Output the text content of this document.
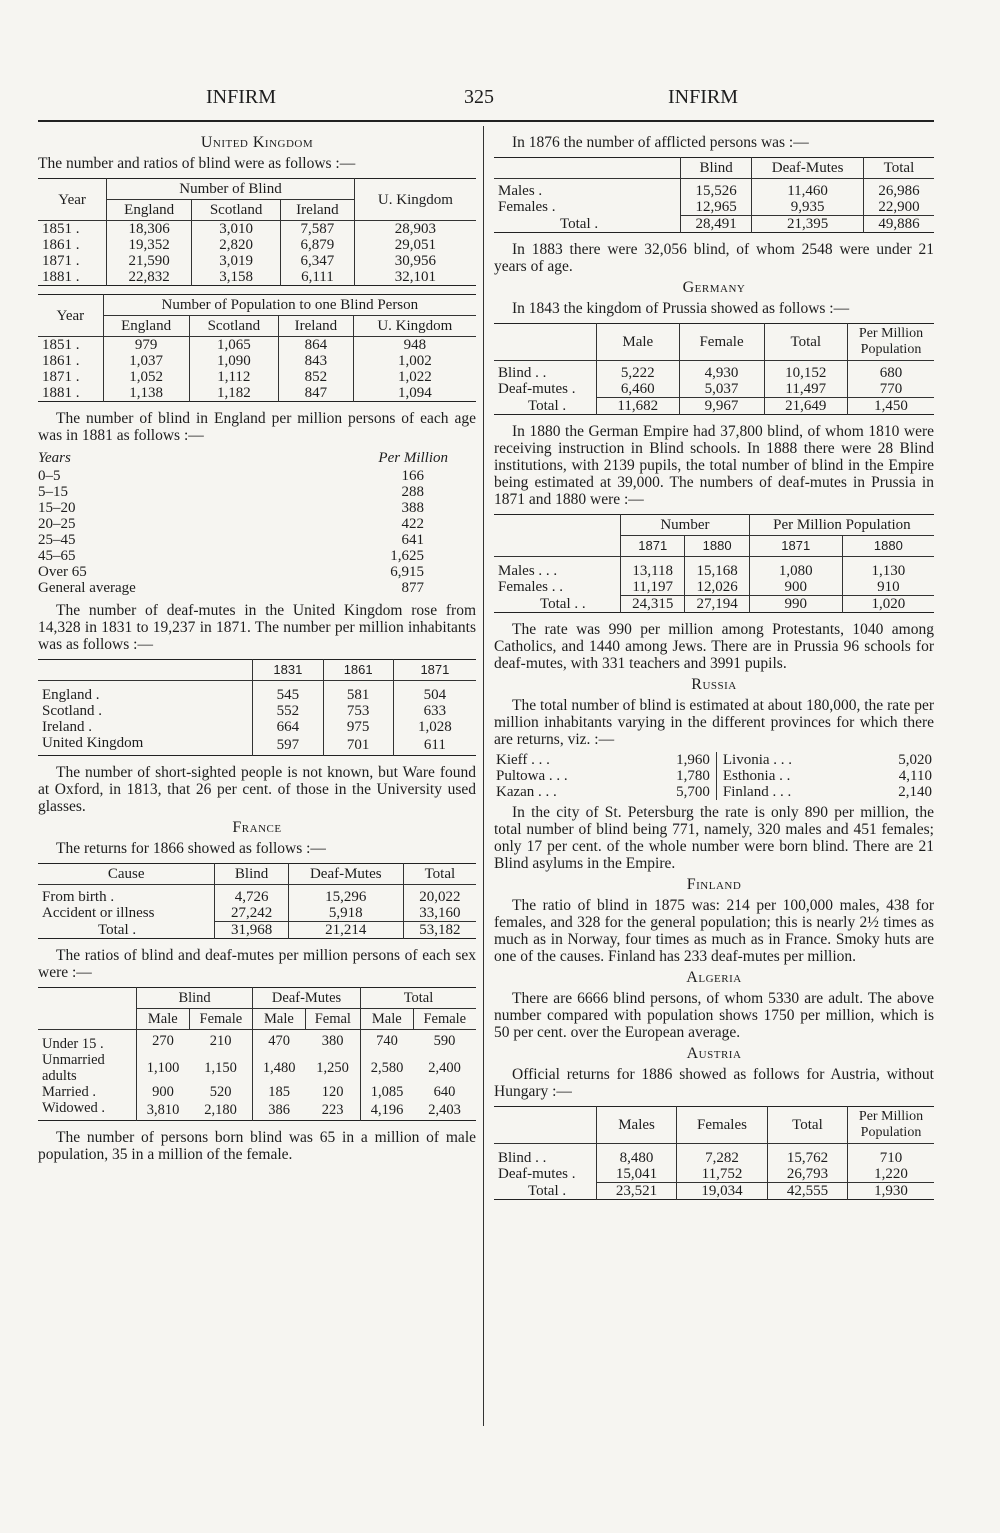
INFIRM	325	INFIRM
United Kingdom

The number and ratios of blind were as follows :—

Year	Number of Blind			U. Kingdom
	England	Scotland	Ireland	
1851 .	18,306	3,010	7,587	28,903
1861 .	19,352	2,820	6,879	29,051
1871 .	21,590	3,019	6,347	30,956
1881 .	22,832	3,158	6,111	32,101
Year	Number of Population to one Blind Person			
	England	Scotland	Ireland	U. Kingdom
1851 .	979	1,065	864	948
1861 .	1,037	1,090	843	1,002
1871 .	1,052	1,112	852	1,022
1881 .	1,138	1,182	847	1,094

The number of blind in England per million persons of each age was in 1881 as follows :—

Years	Per Million
0–5	166
5–15	288
15–20	388
20–25	422
25–45	641
45–65	1,625
Over 65	6,915
General average	877

The number of deaf-mutes in the United Kingdom rose from 14,328 in 1831 to 19,237 in 1871. The number per million inhabitants was as follows :—

	1831	1861	1871
England .	545	581	504
Scotland .	552	753	633
Ireland .	664	975	1,028
United Kingdom	597	701	611

The number of short-sighted people is not known, but Ware found at Oxford, in 1813, that 26 per cent. of those in the University used glasses.

France

The returns for 1866 showed as follows :—

Cause	Blind	Deaf-Mutes	Total
From birth .	4,726	15,296	20,022
Accident or illness	27,242	5,918	33,160
Total .	31,968	21,214	53,182

The ratios of blind and deaf-mutes per million persons of each sex were :—

	Blind		Deaf-Mutes		Total	
	Male	Female	Male	Femal	Male	Female
Under 15 .	270	210	470	380	740	590
Unmarried adults	1,100	1,150	1,480	1,250	2,580	2,400
Married .	900	520	185	120	1,085	640
Widowed .	3,810	2,180	386	223	4,196	2,403

The number of persons born blind was 65 in a million of male population, 35 in a million of the female.

In 1876 the number of afflicted persons was :—

	Blind	Deaf-Mutes	Total
Males .	15,526	11,460	26,986
Females .	12,965	9,935	22,900
Total .	28,491	21,395	49,886

In 1883 there were 32,056 blind, of whom 2548 were under 21 years of age.

Germany

In 1843 the kingdom of Prussia showed as follows :—

	Male	Female	Total	Per Million Population
Blind . .	5,222	4,930	10,152	680
Deaf-mutes .	6,460	5,037	11,497	770
Total .	11,682	9,967	21,649	1,450

In 1880 the German Empire had 37,800 blind, of whom 1810 were receiving instruction in Blind schools. In 1888 there were 28 Blind institutions, with 2139 pupils, the total number of blind in the Empire being estimated at 39,000. The numbers of deaf-mutes in Prussia in 1871 and 1880 were :—

	Number		Per Million Population	
	1871	1880	1871	1880
Males . . .	13,118	15,168	1,080	1,130
Females . .	11,197	12,026	900	910
Total . .	24,315	27,194	990	1,020

The rate was 990 per million among Protestants, 1040 among Catholics, and 1440 among Jews. There are in Prussia 96 schools for deaf-mutes, with 331 teachers and 3991 pupils.

Russia

The total number of blind is estimated at about 180,000, the rate per million inhabitants varying in the different provinces for which there are returns, viz. :—

Kieff . . .	1,960	Livonia . . .	5,020
Pultowa . . .	1,780	Esthonia . .	4,110
Kazan . . .	5,700	Finland . . .	2,140

In the city of St. Petersburg the rate is only 890 per million, the total number of blind being 771, namely, 320 males and 451 females; only 17 per cent. of the whole number were born blind. There are 21 Blind asylums in the Empire.

Finland

The ratio of blind in 1875 was: 214 per 100,000 males, 438 for females, and 328 for the general population; this is nearly 2½ times as much as in Norway, four times as much as in France. Smoky huts are one of the causes. Finland has 233 deaf-mutes per million.

Algeria

There are 6666 blind persons, of whom 5330 are adult. The above number compared with population shows 1750 per million, which is 50 per cent. over the European average.

Austria

Official returns for 1886 showed as follows for Austria, without Hungary :—

	Males	Females	Total	Per Million Population
Blind . .	8,480	7,282	15,762	710
Deaf-mutes .	15,041	11,752	26,793	1,220
Total .	23,521	19,034	42,555	1,930
